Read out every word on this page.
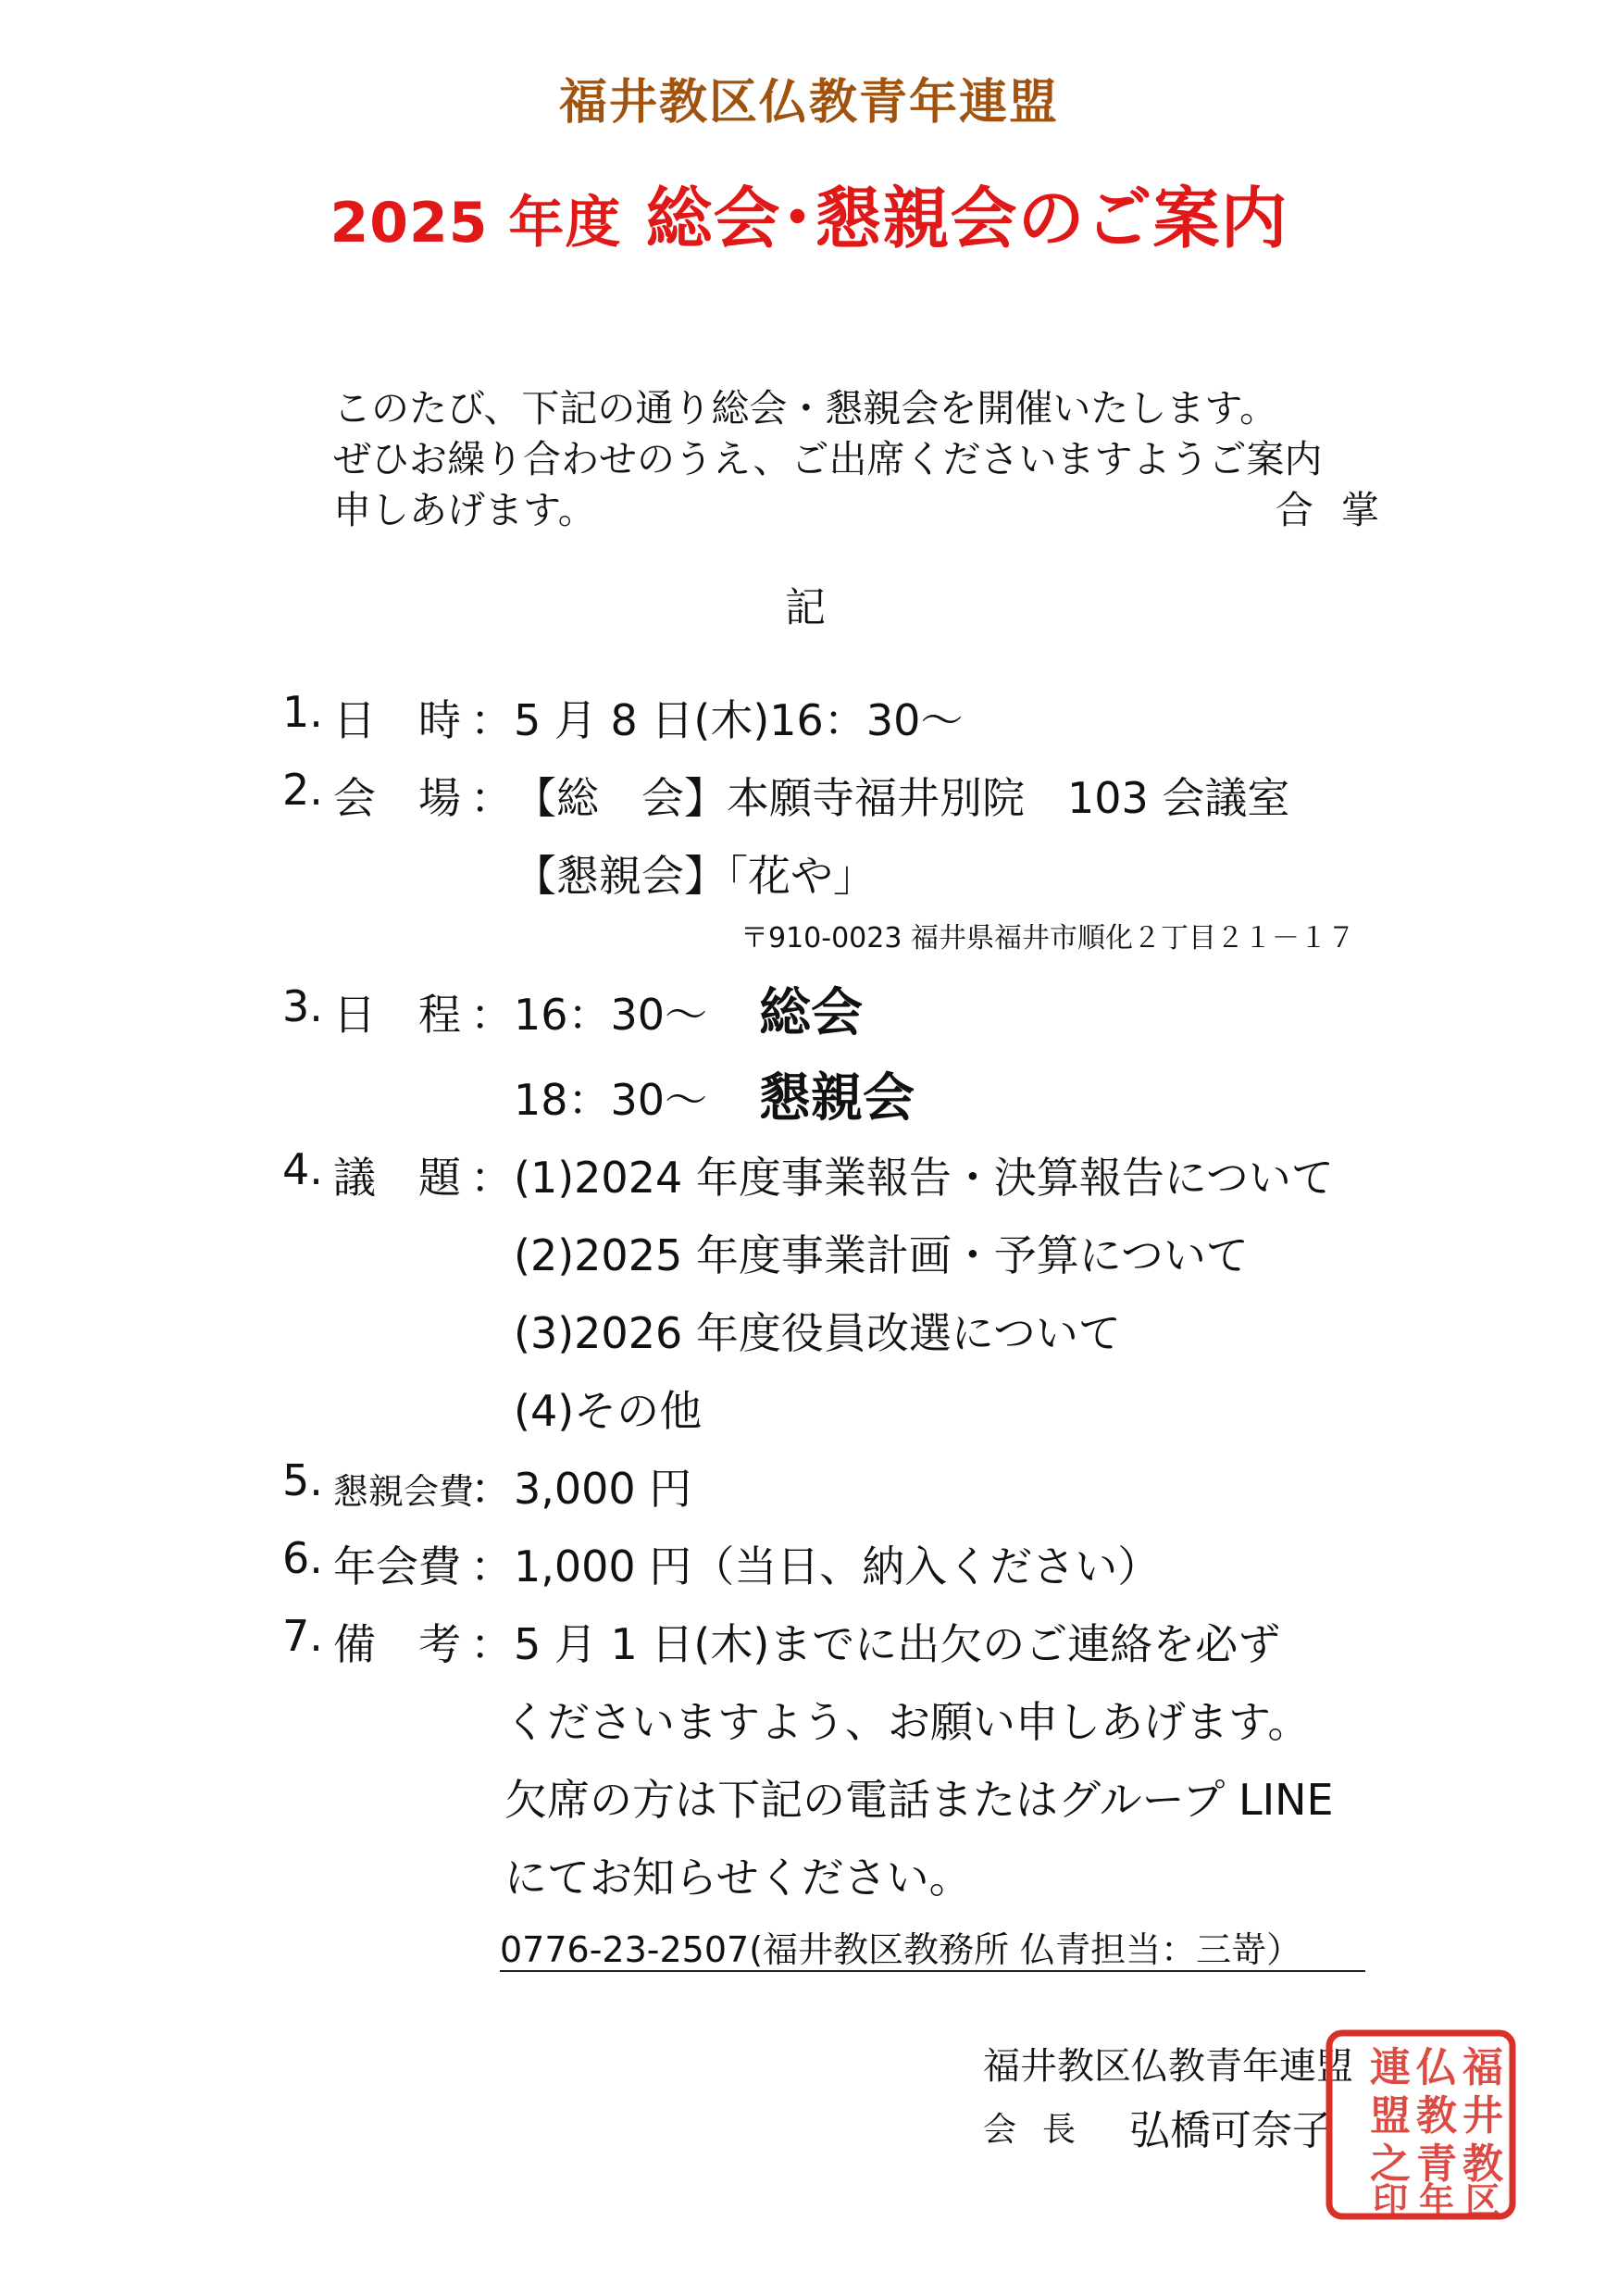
福井教区仏教青年連盟
2025 年度 総会･懇親会のご案内
このたび、下記の通り総会・懇親会を開催いたします。
ぜひお繰り合わせのうえ、ご出席くださいますようご案内
申しあげます。	合掌
記
1. 日　時 ： 5 月 8 日(木)16：30～
2. 会　場 ： 【総　会】本願寺福井別院　103 会議室
【懇親会】「花や」
〒910-0023 福井県福井市順化２丁目２１－１７
3. 日　程 ： 16：30～ 総会
18：30～ 懇親会
4. 議　題 ： (1)2024 年度事業報告・決算報告について
(2)2025 年度事業計画・予算について
(3)2026 年度役員改選について
(4)その他
5. 懇親会費
： 3,000 円
6. 年会費 ： 1,000 円（当日、納入ください）
7. 備　考 ： 5 月 1 日(木)までに出欠のご連絡を必ず
くださいますよう、お願い申しあげます。
欠席の方は下記の電話またはグループ LINE
にてお知らせください。
0776-23-2507(福井教区教務所 仏青担当：三嵜）
福井教区仏教青年連盟
会長 弘橋可奈子
福
井
教
区
仏
教
青
年
連
盟
之
印
